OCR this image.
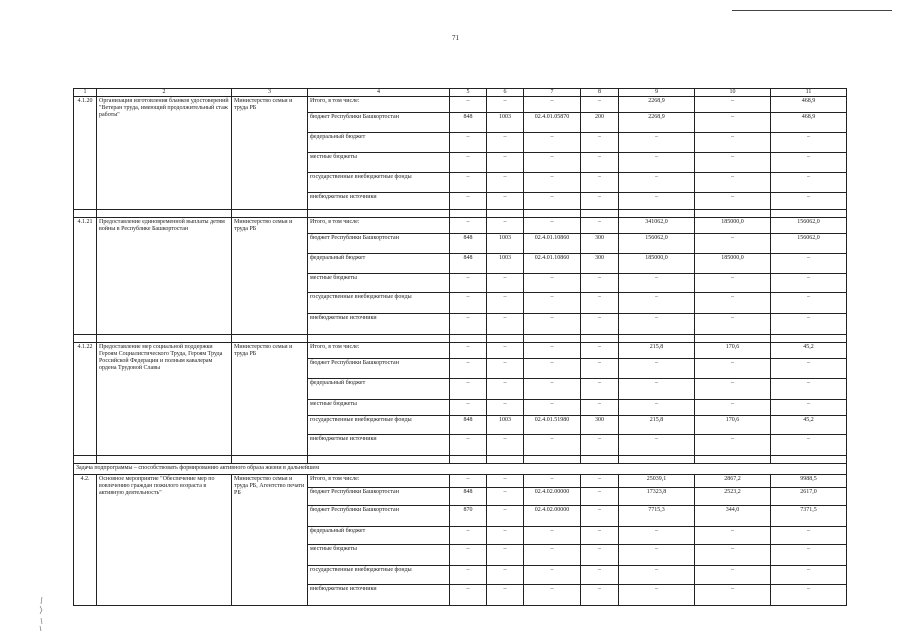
71
1	2	3	4	5	6	7	8	9	10	11
4.1.20	Организация изготовления бланков удостоверений "Ветеран труда, имеющий продолжительный стаж работы"	Министерство семьи и труда РБ	Итого, в том числе:	–	–	–	–	2268,9	–	468,9
			бюджет Республики Башкортостан	848	1003	02.4.01.05870	200	2268,9	–	468,9
			федеральный бюджет	–	–	–	–	–	–	–
			местные бюджеты	–	–	–	–	–	–	–
			государственные внебюджетные фонды	–	–	–	–	–	–	–
			внебюджетные источники	–	–	–	–	–	–	–

4.1.21	Предоставление единовременной выплаты детям войны в Республике Башкортостан	Министерство семьи и труда РБ	Итого, в том числе:	–	–	–	–	341062,0	185000,0	156062,0
			бюджет Республики Башкортостан	848	1003	02.4.01.10860	300	156062,0	–	156062,0
			федеральный бюджет	848	1003	02.4.01.10860	300	185000,0	185000,0	–
			местные бюджеты	–	–	–	–	–	–	–
			государственные внебюджетные фонды	–	–	–	–	–	–	–
			внебюджетные источники	–	–	–	–	–	–	–

4.1.22	Предоставление мер социальной поддержки Героям Социалистического Труда, Героям Труда Российской Федерации и полным кавалерам ордена Трудовой Славы	Министерство семьи и труда РБ	Итого, в том числе:	–	–	–	–	215,8	170,6	45,2
			бюджет Республики Башкортостан	–	–	–	–	–	–	–
			федеральный бюджет	–	–	–	–	–	–	–
			местные бюджеты	–	–	–	–	–	–	–
			государственные внебюджетные фонды	848	1003	02.4.01.51980	300	215,8	170,6	45,2
			внебюджетные источники	–	–	–	–	–	–	–

Задача подпрограммы – способствовать формированию активного образа жизни в дальнейшем										
4.2.	Основное мероприятие "Обеспечение мер по вовлечению граждан пожилого возраста в активную деятельность"	Министерство семьи и труда РБ, Агентство печати РБ	Итого, в том числе:	–	–	–	–	25039,1	2867,2	9988,5
			бюджет Республики Башкортостан	848	–	02.4.02.00000	–	17323,8	2523,2	2617,0
			бюджет Республики Башкортостан	870	–	02.4.02.00000	–	7715,3	344,0	7371,5
			федеральный бюджет	–	–	–	–	–	–	–
			местные бюджеты	–	–	–	–	–	–	–
			государственные внебюджетные фонды	–	–	–	–	–	–	–
			внебюджетные источники	–	–	–	–	–	–	–
